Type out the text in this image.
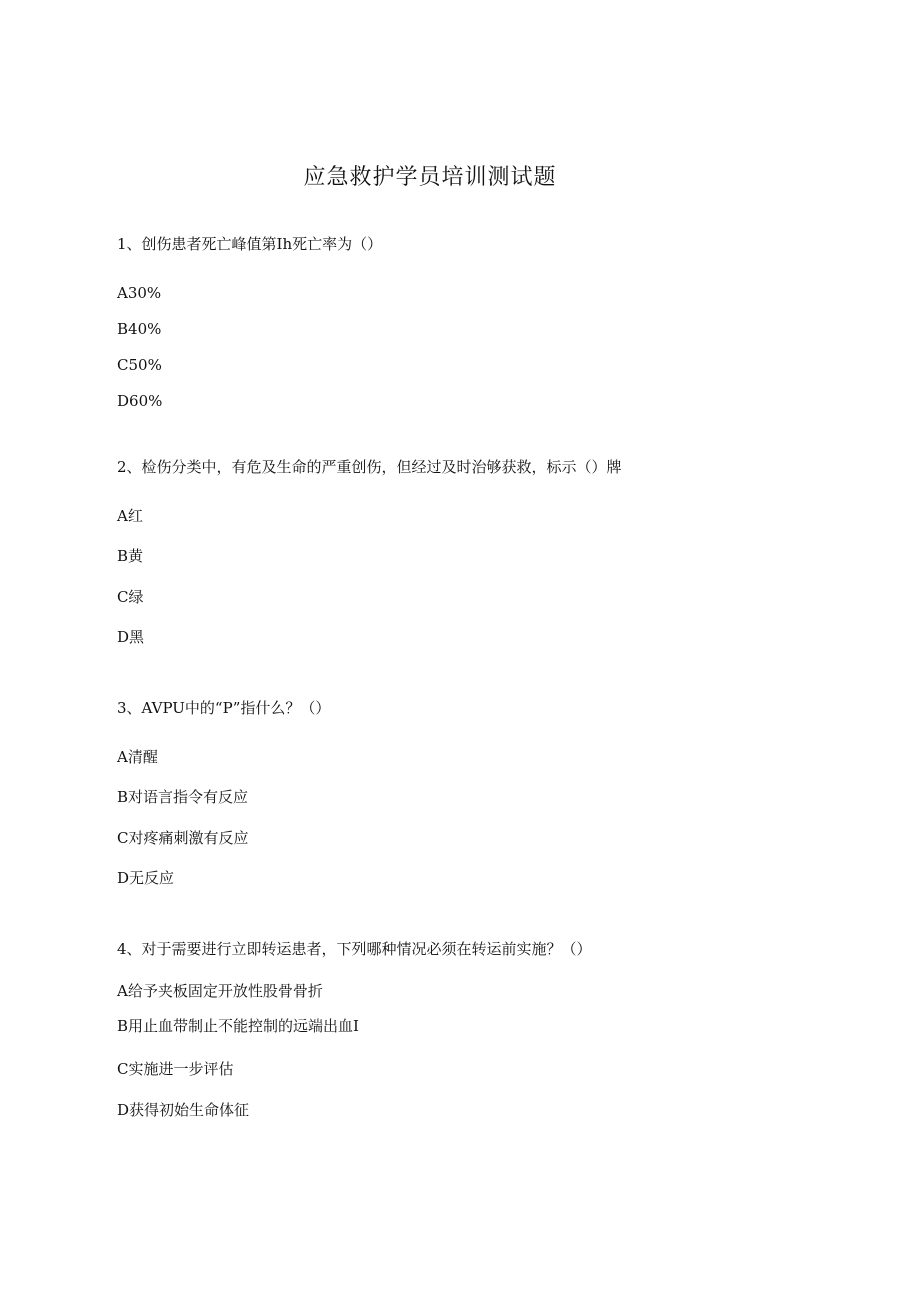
应急救护学员培训测试题
1、创伤患者死亡峰值第Ih死亡率为（）
A30%
B40%
C50%
D60%
2、检伤分类中，有危及生命的严重创伤，但经过及时治够获救，标示（）牌
A红
B黄
C绿
D黑
3、AVPU中的“P”指什么？（）
A清醒
B对语言指令有反应
C对疼痛刺激有反应
D无反应
4、对于需要进行立即转运患者，下列哪种情况必须在转运前实施？（）
A给予夹板固定开放性股骨骨折
B用止血带制止不能控制的远端出血I
C实施进一步评估
D获得初始生命体征
